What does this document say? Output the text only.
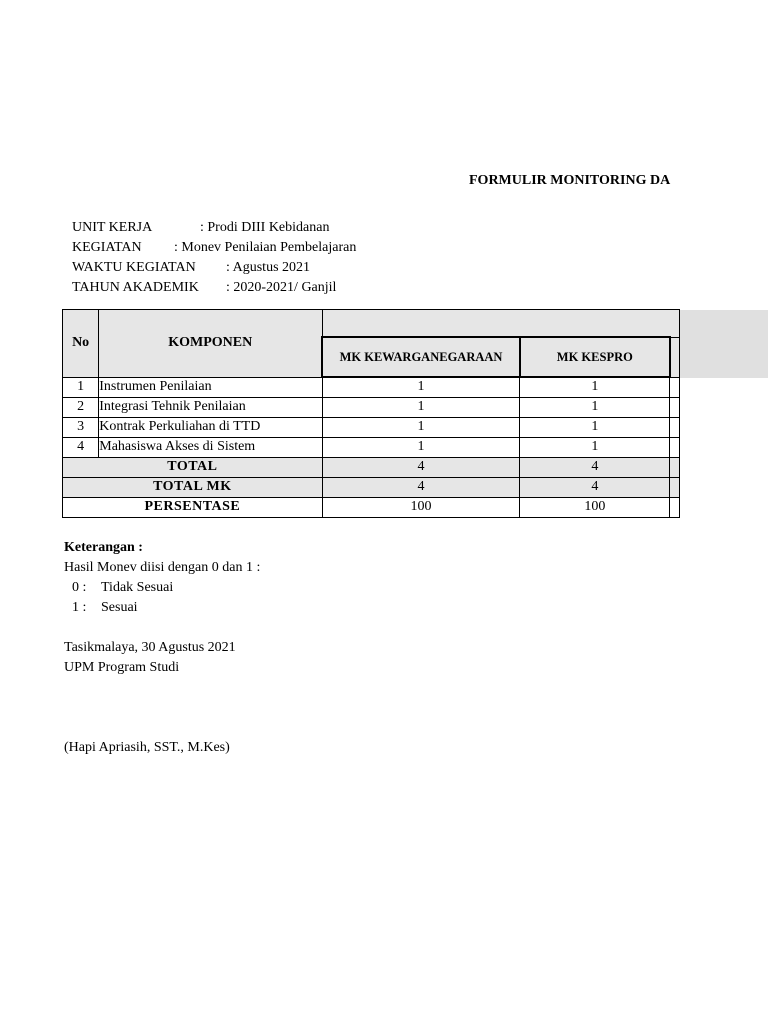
FORMULIR MONITORING DA
UNIT KERJA	: Prodi DIII Kebidanan
KEGIATAN : Monev Penilaian Pembelajaran
WAKTU KEGIATAN : Agustus 2021
TAHUN AKADEMIK : 2020-2021/ Ganjil
No	KOMPONEN			
		MK KEWARGANEGARAAN	MK KESPRO	
1	Instrumen Penilaian	1	1	
2	Integrasi Tehnik Penilaian	1	1	
3	Kontrak Perkuliahan di TTD	1	1	
4	Mahasiswa Akses di Sistem	1	1	
TOTAL		4	4	
TOTAL MK		4	4	
PERSENTASE		100	100	
Keterangan :
Hasil Monev diisi dengan 0 dan 1 :
0 : Tidak Sesuai
1 : Sesuai
Tasikmalaya, 30 Agustus 2021
UPM Program Studi
(Hapi Apriasih, SST., M.Kes)
